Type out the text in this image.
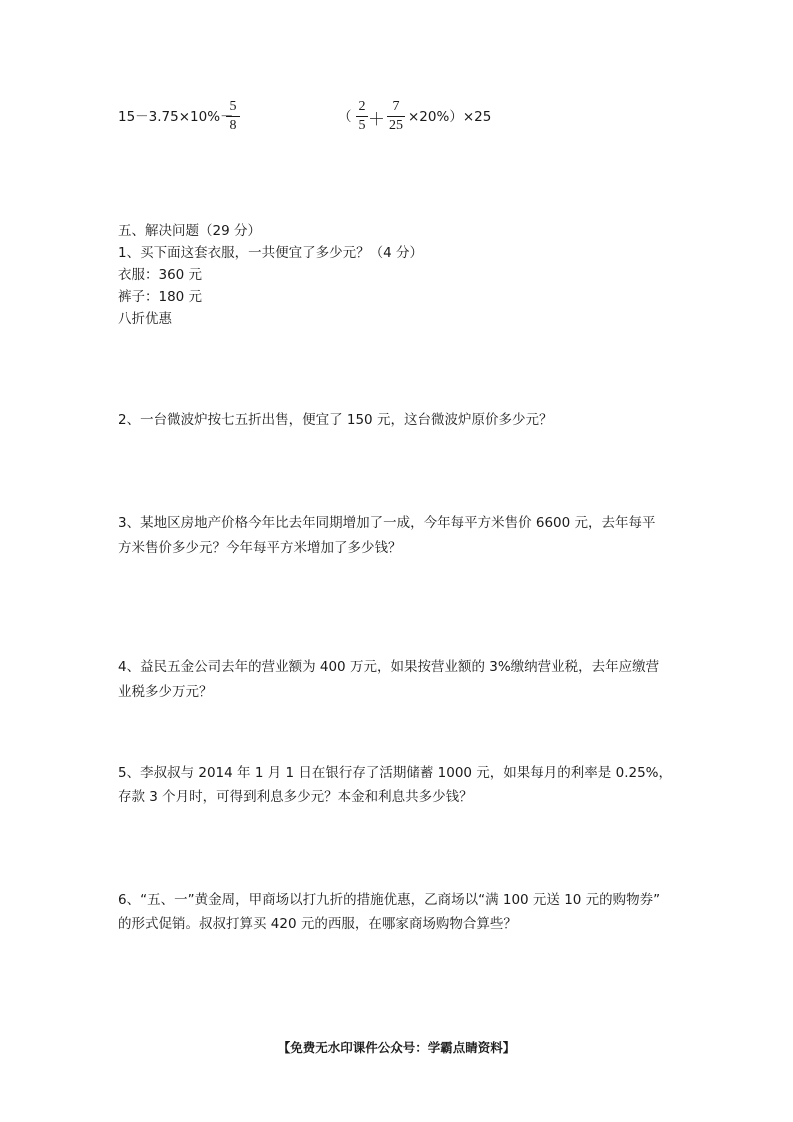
15－3.75×10%－
5
8
（
2
5 ＋
7
25
×20%）×25
五、解决问题（29 分）
1、买下面这套衣服，一共便宜了多少元？（4 分）
衣服：360 元
裤子：180 元
八折优惠
2、一台微波炉按七五折出售，便宜了 150 元，这台微波炉原价多少元？
3、某地区房地产价格今年比去年同期增加了一成，今年每平方米售价 6600 元，去年每平
方米售价多少元？今年每平方米增加了多少钱？
4、益民五金公司去年的营业额为 400 万元，如果按营业额的 3%缴纳营业税，去年应缴营
业税多少万元？
5、李叔叔与 2014 年 1 月 1 日在银行存了活期储蓄 1000 元，如果每月的利率是 0.25%，
存款 3 个月时，可得到利息多少元？本金和利息共多少钱？
6、“五、一”黄金周，甲商场以打九折的措施优惠，乙商场以“满 100 元送 10 元的购物券”
的形式促销。叔叔打算买 420 元的西服，在哪家商场购物合算些？
【免费无水印课件公众号：学霸点睛资料】
